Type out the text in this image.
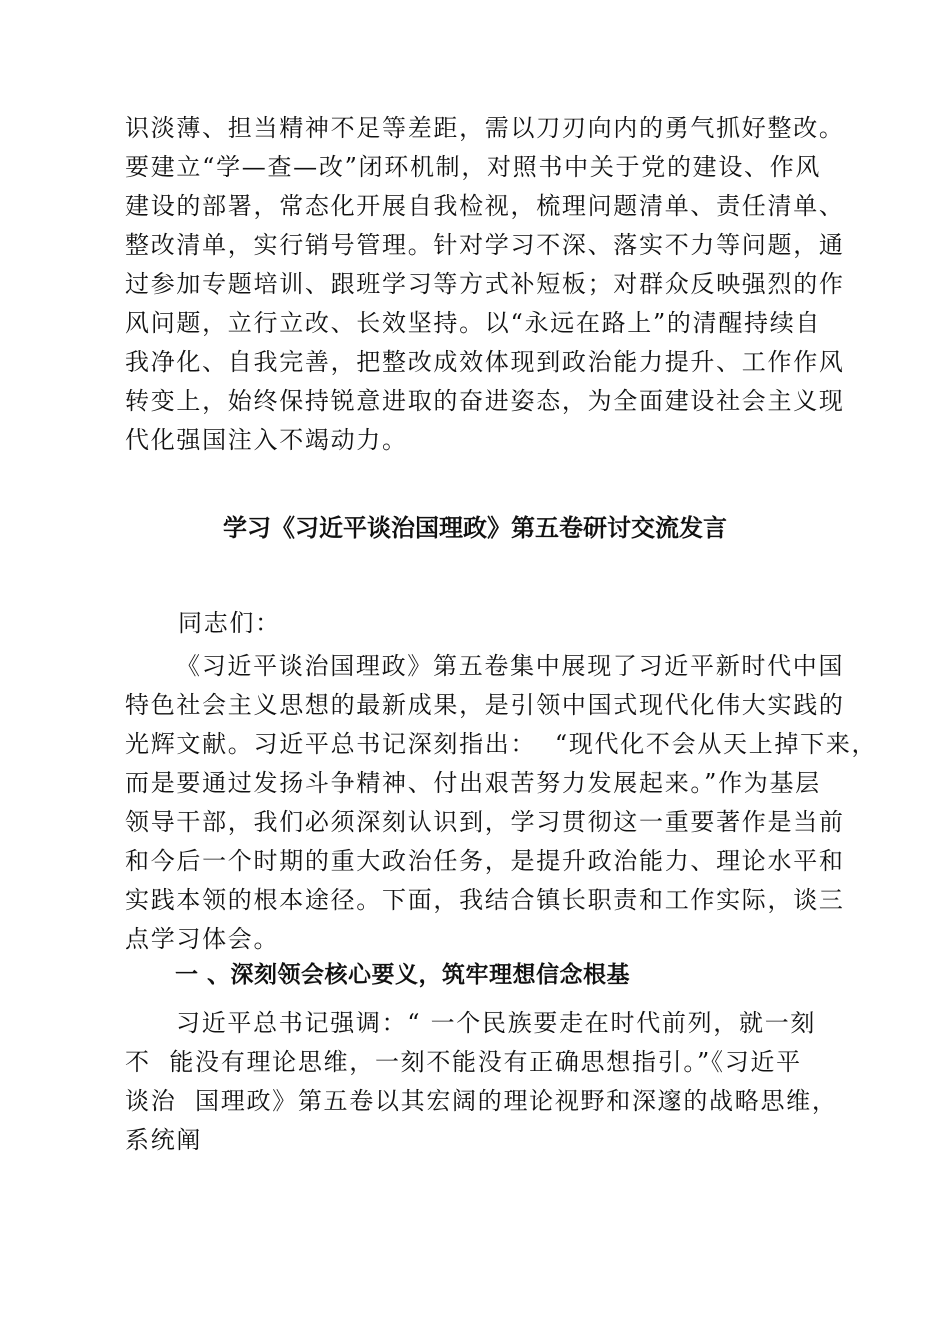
识淡薄、担当精神不足等差距，需以刀刃向内的勇气抓好整改。
要建立“学—查—改”闭环机制，对照书中关于党的建设、作风
建设的部署，常态化开展自我检视，梳理问题清单、责任清单、
整改清单，实行销号管理。针对学习不深、落实不力等问题，通
过参加专题培训、跟班学习等方式补短板；对群众反映强烈的作
风问题，立行立改、长效坚持。以“永远在路上”的清醒持续自
我净化、自我完善，把整改成效体现到政治能力提升、工作作风
转变上，始终保持锐意进取的奋进姿态，为全面建设社会主义现
代化强国注入不竭动力。
学习《习近平谈治国理政》第五卷研讨交流发言
同志们：
《习近平谈治国理政》第五卷集中展现了习近平新时代中国
特色社会主义思想的最新成果，是引领中国式现代化伟大实践的
光辉文献。习近平总书记深刻指出：  “现代化不会从天上掉下来，
而是要通过发扬斗争精神、付出艰苦努力发展起来。”作为基层
领导干部，我们必须深刻认识到，学习贯彻这一重要著作是当前
和今后一个时期的重大政治任务，是提升政治能力、理论水平和
实践本领的根本途径。下面，我结合镇长职责和工作实际，谈三
点学习体会。
一 、深刻领会核心要义，筑牢理想信念根基
习近平总书记强调：“ 一个民族要走在时代前列，就一刻
不  能没有理论思维，一刻不能没有正确思想指引。”《习近平
谈治  国理政》第五卷以其宏阔的理论视野和深邃的战略思维，
系统阐
